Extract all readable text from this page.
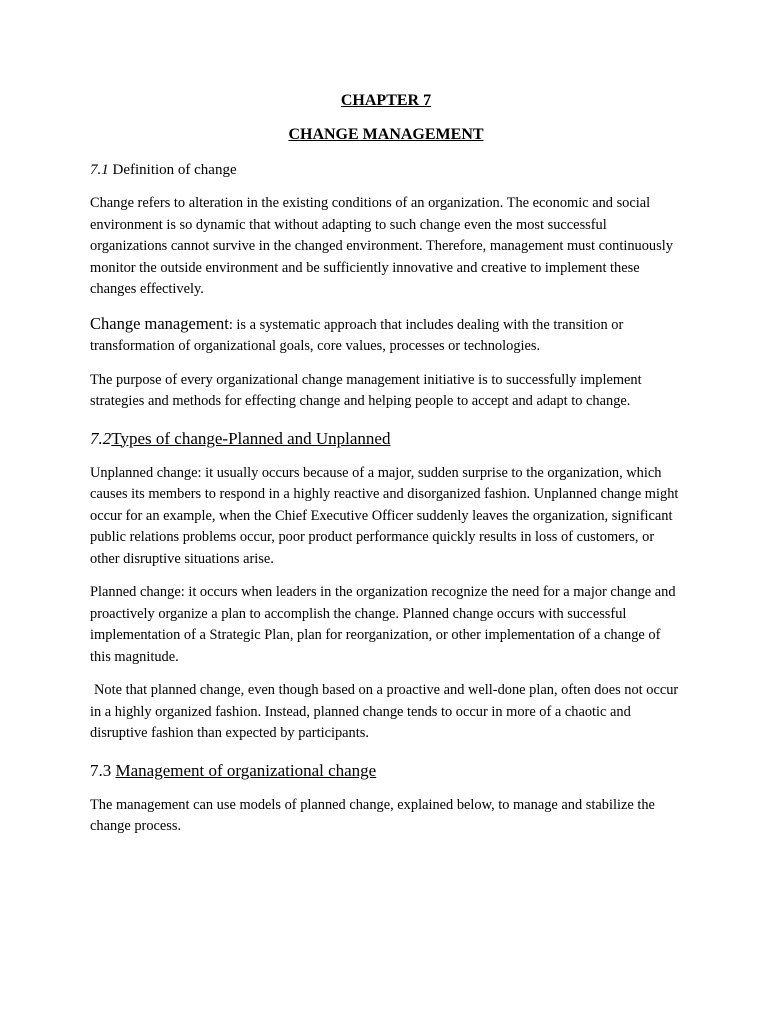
CHAPTER 7
CHANGE MANAGEMENT
7.1 Definition of change

Change refers to alteration in the existing conditions of an organization. The economic and social environment is so dynamic that without adapting to such change even the most successful organizations cannot survive in the changed environment. Therefore, management must continuously monitor the outside environment and be sufficiently innovative and creative to implement these changes effectively.

Change management: is a systematic approach that includes dealing with the transition or transformation of organizational goals, core values, processes or technologies.

The purpose of every organizational change management initiative is to successfully implement strategies and methods for effecting change and helping people to accept and adapt to change.

7.2Types of change-Planned and Unplanned

Unplanned change: it usually occurs because of a major, sudden surprise to the organization, which causes its members to respond in a highly reactive and disorganized fashion. Unplanned change might occur for an example, when the Chief Executive Officer suddenly leaves the organization, significant public relations problems occur, poor product performance quickly results in loss of customers, or other disruptive situations arise.

Planned change: it occurs when leaders in the organization recognize the need for a major change and proactively organize a plan to accomplish the change. Planned change occurs with successful implementation of a Strategic Plan, plan for reorganization, or other implementation of a change of this magnitude.

Note that planned change, even though based on a proactive and well-done plan, often does not occur in a highly organized fashion. Instead, planned change tends to occur in more of a chaotic and disruptive fashion than expected by participants.

7.3 Management of organizational change

The management can use models of planned change, explained below, to manage and stabilize the change process.
